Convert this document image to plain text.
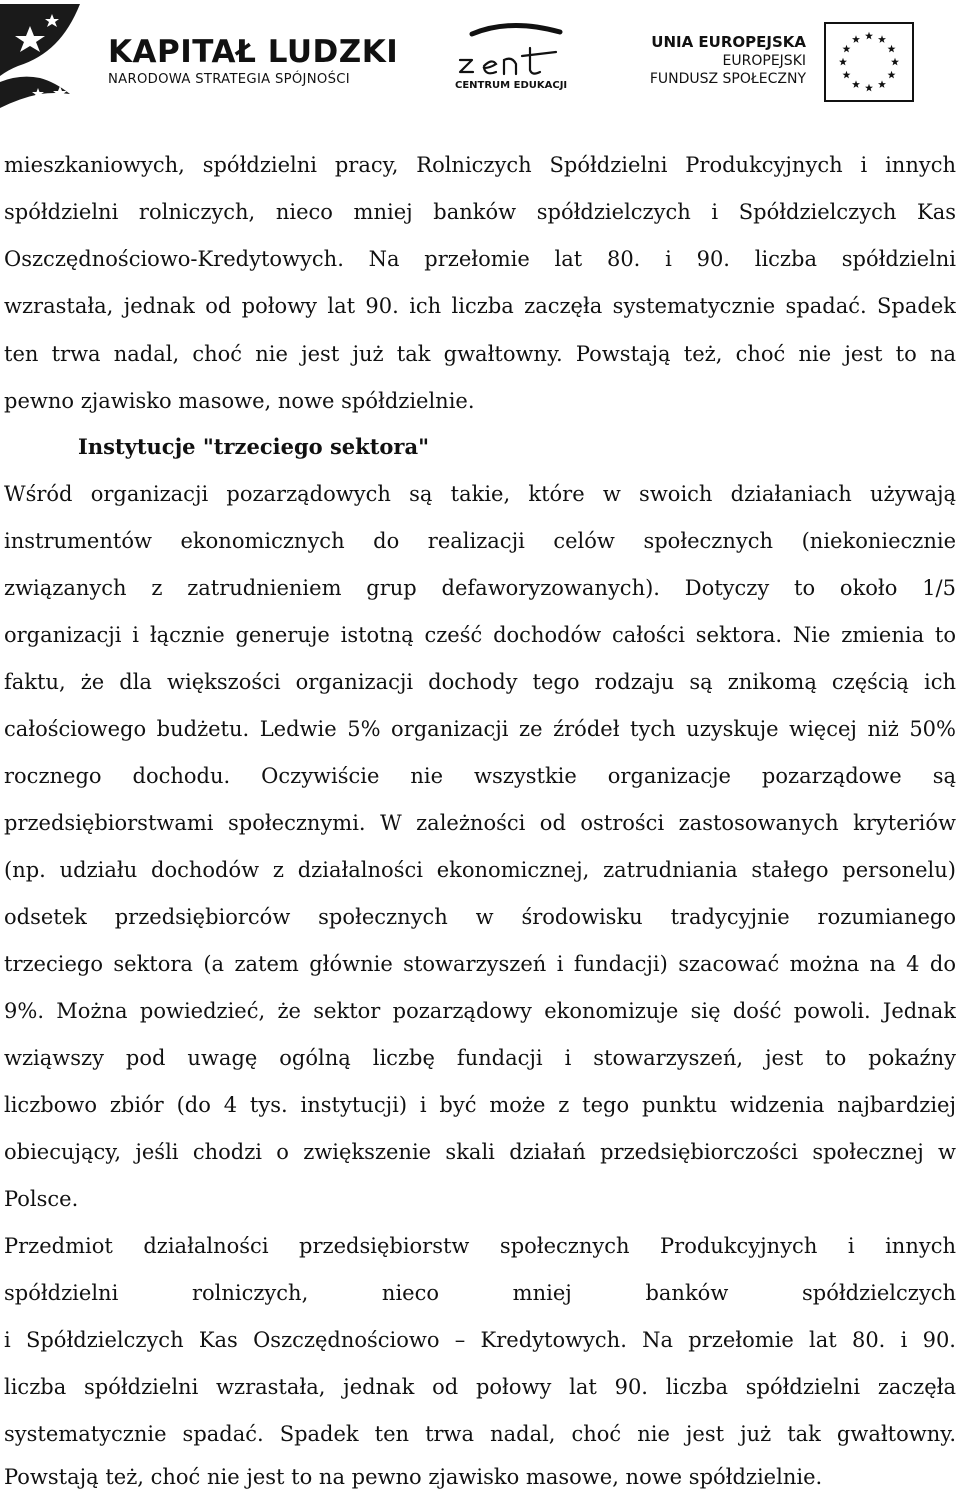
KAPITAŁ LUDZKI
NARODOWA STRATEGIA SPÓJNOŚCI	CENTRUM EDUKACJI
UNIA EUROPEJSKA
EUROPEJSKI
FUNDUSZ SPOŁECZNY
mieszkaniowych, spółdzielni pracy, Rolniczych Spółdzielni Produkcyjnych i innych
spółdzielni rolniczych, nieco mniej banków spółdzielczych i Spółdzielczych Kas
Oszczędnościowo-Kredytowych. Na przełomie lat 80. i 90. liczba spółdzielni
wzrastała, jednak od połowy lat 90. ich liczba zaczęła systematycznie spadać. Spadek
ten trwa nadal, choć nie jest już tak gwałtowny. Powstają też, choć nie jest to na
pewno zjawisko masowe, nowe spółdzielnie.
Instytucje "trzeciego sektora"
Wśród organizacji pozarządowych są takie, które w swoich działaniach używają
instrumentów ekonomicznych do realizacji celów społecznych (niekoniecznie
związanych z zatrudnieniem grup defaworyzowanych). Dotyczy to około 1/5
organizacji i łącznie generuje istotną cześć dochodów całości sektora. Nie zmienia to
faktu, że dla większości organizacji dochody tego rodzaju są znikomą częścią ich
całościowego budżetu. Ledwie 5% organizacji ze źródeł tych uzyskuje więcej niż 50%
rocznego dochodu. Oczywiście nie wszystkie organizacje pozarządowe są
przedsiębiorstwami społecznymi. W zależności od ostrości zastosowanych kryteriów
(np. udziału dochodów z działalności ekonomicznej, zatrudniania stałego personelu)
odsetek przedsiębiorców społecznych w środowisku tradycyjnie rozumianego
trzeciego sektora (a zatem głównie stowarzyszeń i fundacji) szacować można na 4 do
9%. Można powiedzieć, że sektor pozarządowy ekonomizuje się dość powoli. Jednak
wziąwszy pod uwagę ogólną liczbę fundacji i stowarzyszeń, jest to pokaźny
liczbowo zbiór (do 4 tys. instytucji) i być może z tego punktu widzenia najbardziej
obiecujący, jeśli chodzi o zwiększenie skali działań przedsiębiorczości społecznej w
Polsce.
Przedmiot działalności przedsiębiorstw społecznych Produkcyjnych i innych
spółdzielni rolniczych, nieco mniej banków spółdzielczych
i Spółdzielczych Kas Oszczędnościowo – Kredytowych. Na przełomie lat 80. i 90.
liczba spółdzielni wzrastała, jednak od połowy lat 90. liczba spółdzielni zaczęła
systematycznie spadać. Spadek ten trwa nadal, choć nie jest już tak gwałtowny.
Powstają też, choć nie jest to na pewno zjawisko masowe, nowe spółdzielnie.
